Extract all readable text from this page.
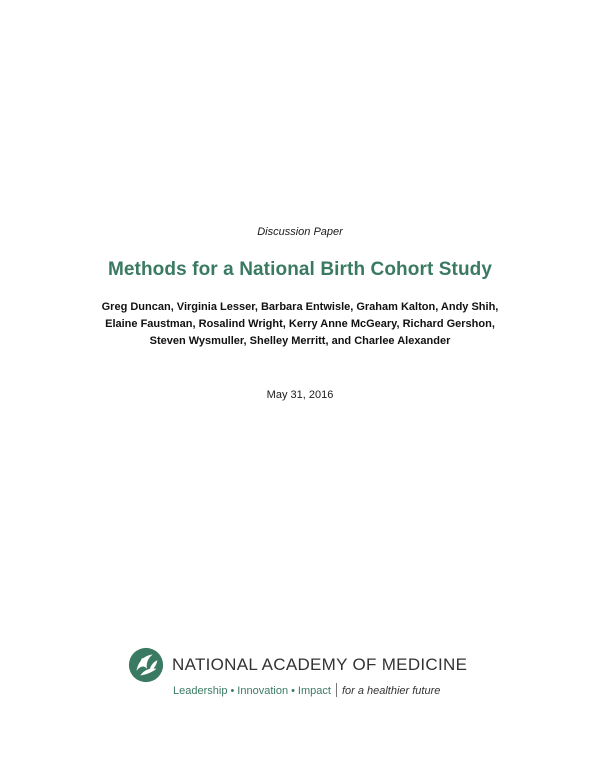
Discussion Paper
Methods for a National Birth Cohort Study
Greg Duncan, Virginia Lesser, Barbara Entwisle, Graham Kalton, Andy Shih,
Elaine Faustman, Rosalind Wright, Kerry Anne McGeary, Richard Gershon,
Steven Wysmuller, Shelley Merritt, and Charlee Alexander
May 31, 2016
NATIONAL ACADEMY OF MEDICINE
Leadership • Innovation • Impact for a healthier future
